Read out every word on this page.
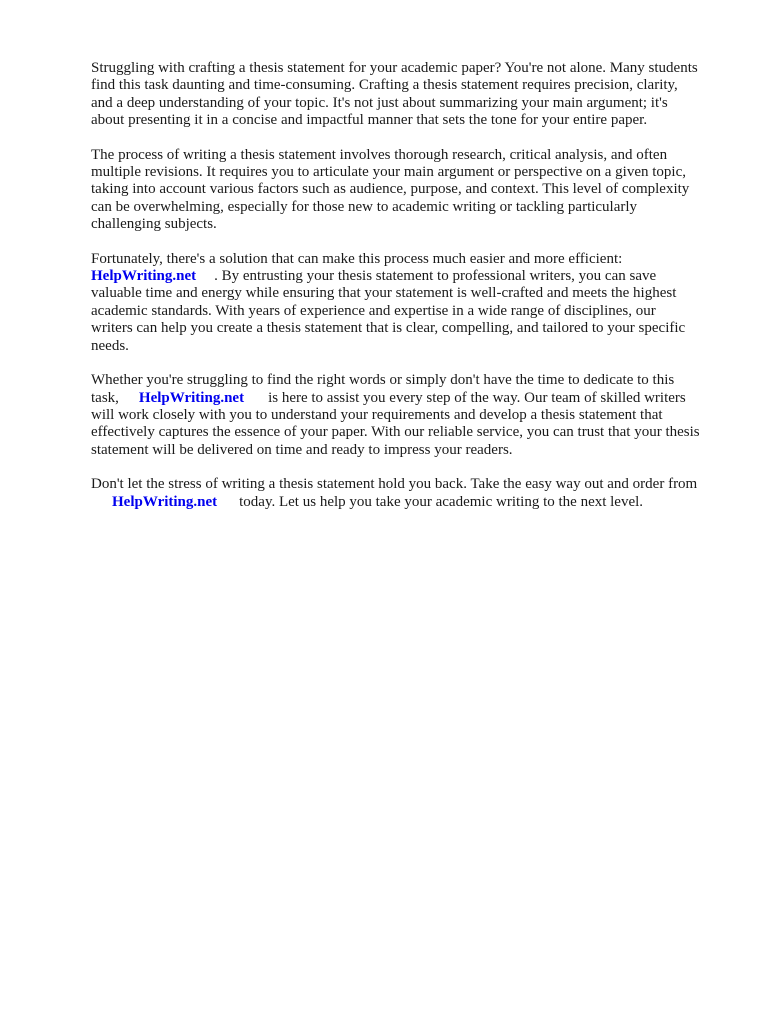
Struggling with crafting a thesis statement for your academic paper? You're not alone. Many students
find this task daunting and time-consuming. Crafting a thesis statement requires precision, clarity,
and a deep understanding of your topic. It's not just about summarizing your main argument; it's
about presenting it in a concise and impactful manner that sets the tone for your entire paper.

The process of writing a thesis statement involves thorough research, critical analysis, and often
multiple revisions. It requires you to articulate your main argument or perspective on a given topic,
taking into account various factors such as audience, purpose, and context. This level of complexity
can be overwhelming, especially for those new to academic writing or tackling particularly
challenging subjects.

Fortunately, there's a solution that can make this process much easier and more efficient:
HelpWriting.net . By entrusting your thesis statement to professional writers, you can save
valuable time and energy while ensuring that your statement is well-crafted and meets the highest
academic standards. With years of experience and expertise in a wide range of disciplines, our
writers can help you create a thesis statement that is clear, compelling, and tailored to your specific
needs.

Whether you're struggling to find the right words or simply don't have the time to dedicate to this
task, HelpWriting.net is here to assist you every step of the way. Our team of skilled writers
will work closely with you to understand your requirements and develop a thesis statement that
effectively captures the essence of your paper. With our reliable service, you can trust that your thesis
statement will be delivered on time and ready to impress your readers.

Don't let the stress of writing a thesis statement hold you back. Take the easy way out and order from
HelpWriting.net today. Let us help you take your academic writing to the next level.
